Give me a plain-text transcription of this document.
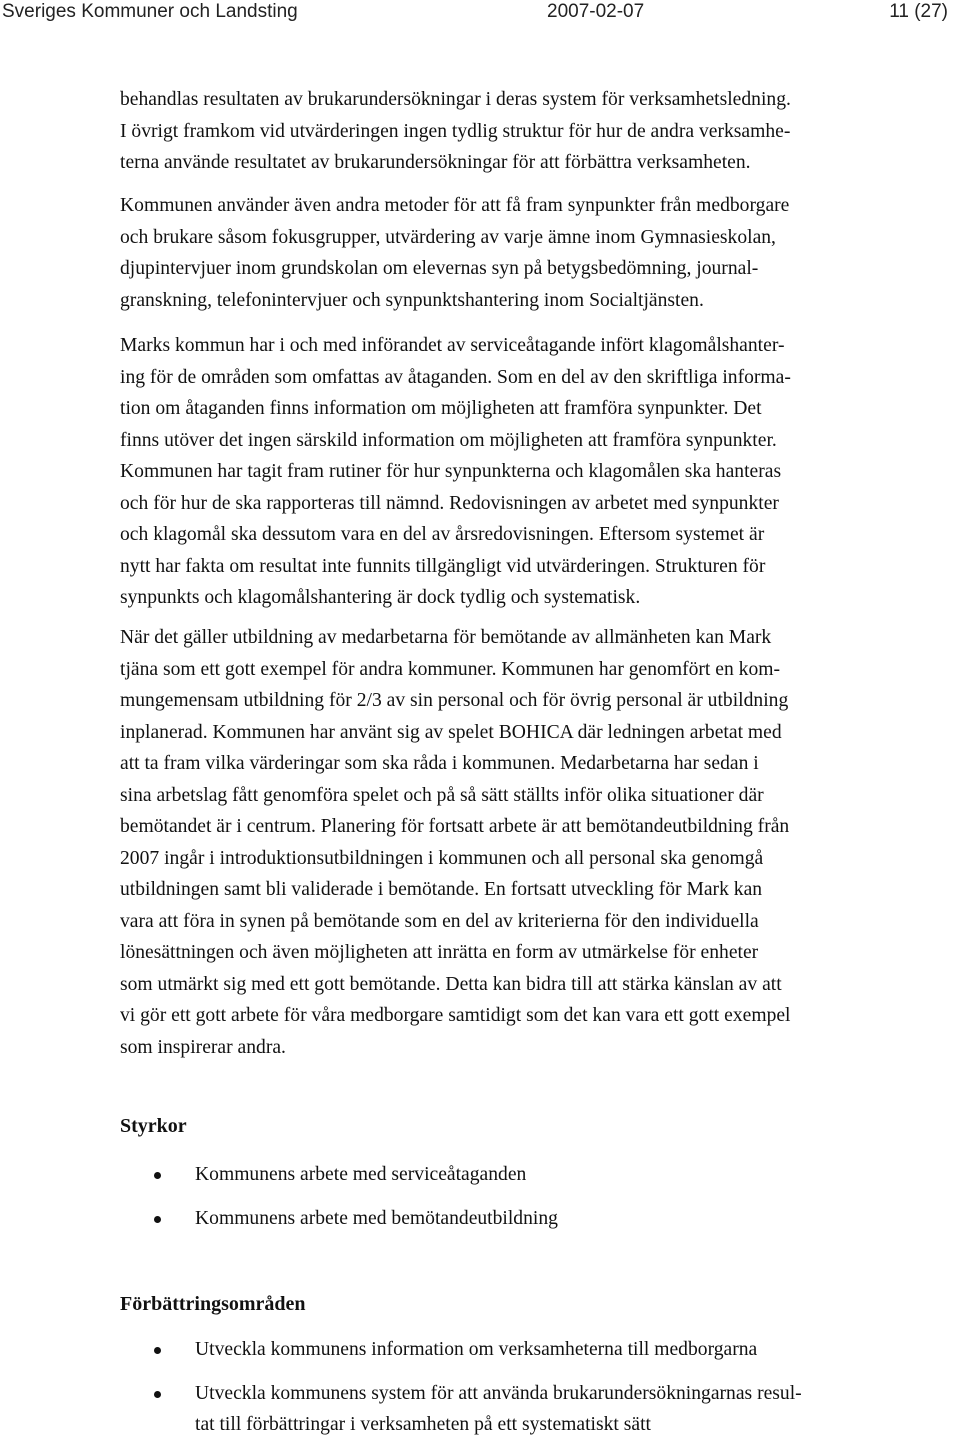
Sveriges Kommuner och Landsting	2007-02-07	11 (27)

behandlas resultaten av brukarundersökningar i deras system för verksamhetsledning.
I övrigt framkom vid utvärderingen ingen tydlig struktur för hur de andra verksamhe-
terna använde resultatet av brukarundersökningar för att förbättra verksamheten.

Kommunen använder även andra metoder för att få fram synpunkter från medborgare
och brukare såsom fokusgrupper, utvärdering av varje ämne inom Gymnasieskolan,
djupintervjuer inom grundskolan om elevernas syn på betygsbedömning, journal-
granskning, telefonintervjuer och synpunktshantering inom Socialtjänsten.

Marks kommun har i och med införandet av serviceåtagande infört klagomålshanter-
ing för de områden som omfattas av åtaganden. Som en del av den skriftliga informa-
tion om åtaganden finns information om möjligheten att framföra synpunkter. Det
finns utöver det ingen särskild information om möjligheten att framföra synpunkter.
Kommunen har tagit fram rutiner för hur synpunkterna och klagomålen ska hanteras
och för hur de ska rapporteras till nämnd. Redovisningen av arbetet med synpunkter
och klagomål ska dessutom vara en del av årsredovisningen. Eftersom systemet är
nytt har fakta om resultat inte funnits tillgängligt vid utvärderingen. Strukturen för
synpunkts och klagomålshantering är dock tydlig och systematisk.

När det gäller utbildning av medarbetarna för bemötande av allmänheten kan Mark
tjäna som ett gott exempel för andra kommuner. Kommunen har genomfört en kom-
mungemensam utbildning för 2/3 av sin personal och för övrig personal är utbildning
inplanerad. Kommunen har använt sig av spelet BOHICA där ledningen arbetat med
att ta fram vilka värderingar som ska råda i kommunen. Medarbetarna har sedan i
sina arbetslag fått genomföra spelet och på så sätt ställts inför olika situationer där
bemötandet är i centrum. Planering för fortsatt arbete är att bemötandeutbildning från
2007 ingår i introduktionsutbildningen i kommunen och all personal ska genomgå
utbildningen samt bli validerade i bemötande. En fortsatt utveckling för Mark kan
vara att föra in synen på bemötande som en del av kriterierna för den individuella
lönesättningen och även möjligheten att inrätta en form av utmärkelse för enheter
som utmärkt sig med ett gott bemötande. Detta kan bidra till att stärka känslan av att
vi gör ett gott arbete för våra medborgare samtidigt som det kan vara ett gott exempel
som inspirerar andra.

Styrkor
Kommunens arbete med serviceåtaganden
Kommunens arbete med bemötandeutbildning
Förbättringsområden
Utveckla kommunens information om verksamheterna till medborgarna
Utveckla kommunens system för att använda brukarundersökningarnas resul-
tat till förbättringar i verksamheten på ett systematiskt sätt
